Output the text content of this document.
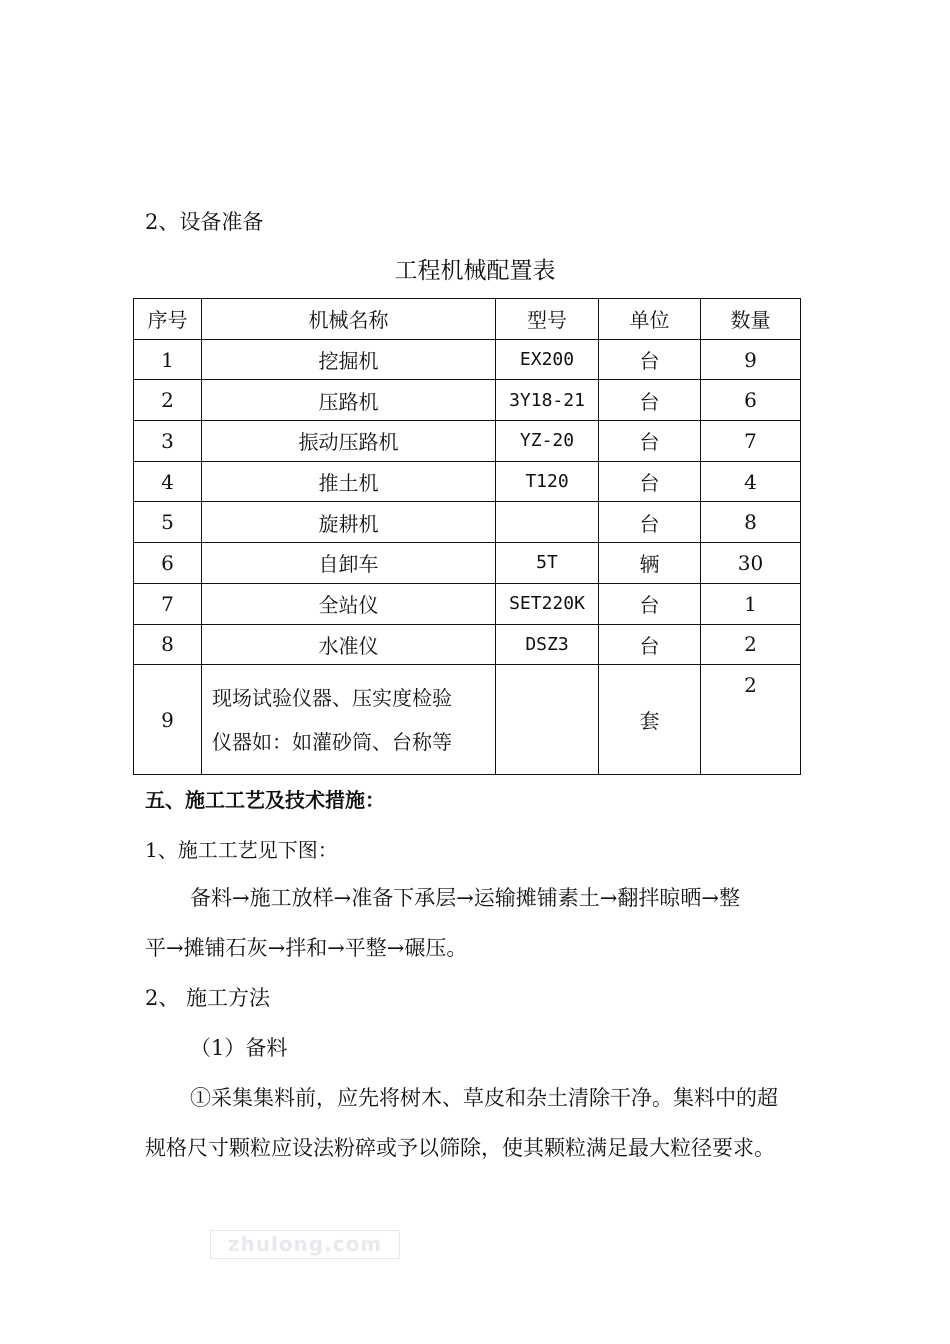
2、设备准备
工程机械配置表
序号	机械名称	型号	单位	数量
1	挖掘机	EX200	台	9
2	压路机	3Y18-21	台	6
3	振动压路机	YZ-20	台	7
4	推土机	T120	台	4
5	旋耕机		台	8
6	自卸车	5T	辆	30
7	全站仪	SET220K	台	1
8	水准仪	DSZ3	台	2
9	现场试验仪器、压实度检验
仪器如：如灌砂筒、台称等		套	2
五、施工工艺及技术措施：
1、施工工艺见下图：
备料→施工放样→准备下承层→运输摊铺素土→翻拌晾晒→整
平→摊铺石灰→拌和→平整→碾压。
2、 施工方法
（1）备料
①采集集料前，应先将树木、草皮和杂土清除干净。集料中的超
规格尺寸颗粒应设法粉碎或予以筛除，使其颗粒满足最大粒径要求。
zhulong.com
